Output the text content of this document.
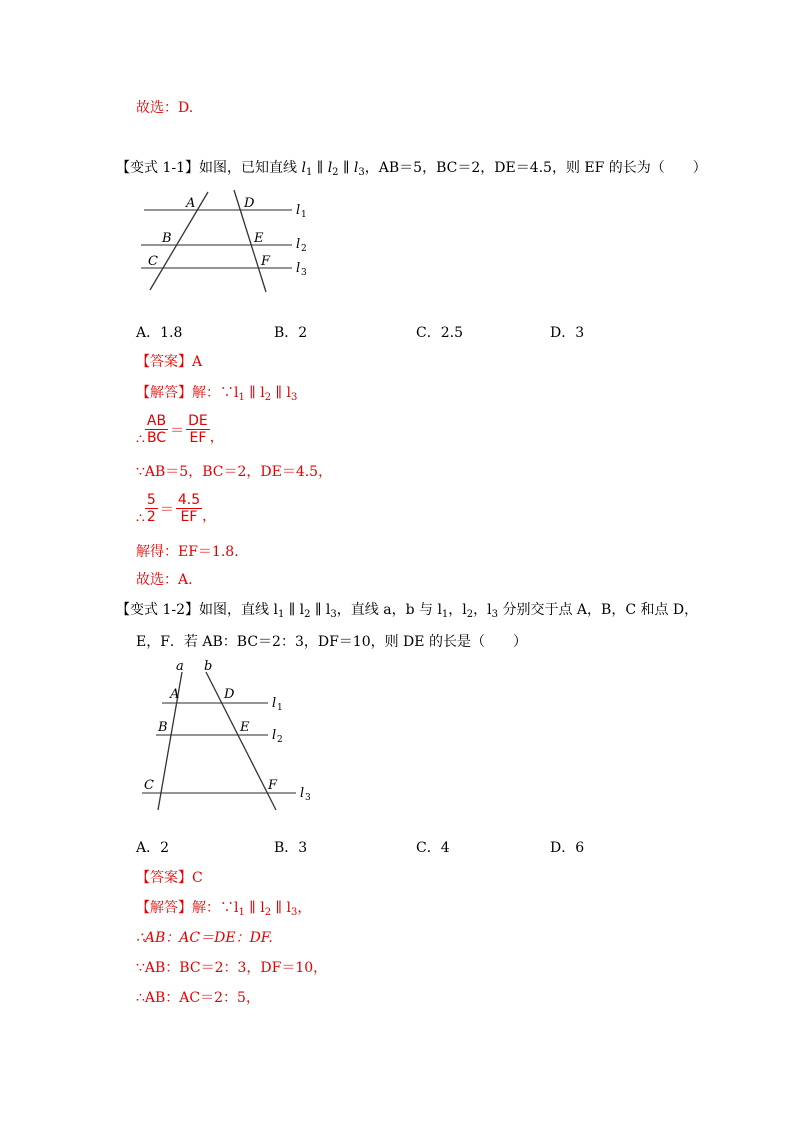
故选：D.
【变式 1-1】如图，已知直线 $l_1$ ∥ $l_2$ ∥ $l_3$，AB＝5，BC＝2，DE＝4.5，则 EF 的长为（　　）
A	D
B	E
C	F
l 1
l 2
l 3
A．1.8	B．2	C．2.5	D．3
【答案】A
【解答】解：$\because l_1$ ∥ $l_2$ ∥ $l_3$
∴ $\frac{AB}{BC} = \frac{DE}{EF}$ ，
∵AB＝5，BC＝2，DE＝4.5，
∴ $\frac{5}{2} = \frac{4.5}{EF}$ ，
解得：EF＝1.8.
故选：A.
【变式 1-2】如图，直线 $l_1$ ∥ $l_2$ ∥ $l_3$，直线 a，b 与 $l_1$，$l_2$，$l_3$ 分别交于点 A，B，C 和点 D，
E，F．若 AB：BC＝2：3，DF＝10，则 DE 的长是（　　）
a b
A	D
B	E
C	F
l 1
l 2
l 3
A．2	B．3	C．4	D．6
【答案】C
【解答】解：$\because l_1$ ∥ $l_2$ ∥ $l_3$，
∴AB：AC＝DE：DF.
∵AB：BC＝2：3，DF＝10，
∴AB：AC＝2：5，
